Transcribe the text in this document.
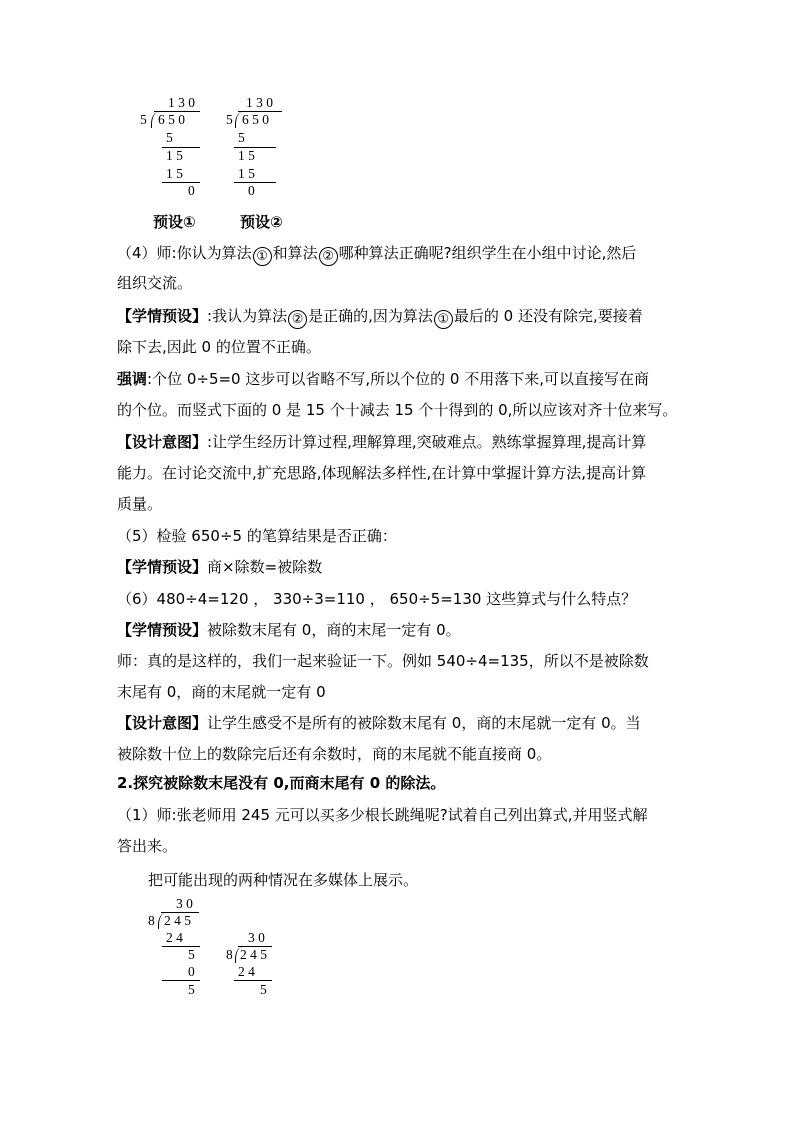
1 3 0
5 6 5 0
5
1 5
1 5
0
1 3 0
5 6 5 0
5
1 5
1 5
0
预设①	预设②
（4）师:你认为算法 ① 和算法 ② 哪种算法正确呢?组织学生在小组中讨论,然后
组织交流。
【学情预设】:我认为算法 ② 是正确的,因为算法 ① 最后的 0 还没有除完,要接着
除下去,因此 0 的位置不正确。
强调:个位 0÷5=0 这步可以省略不写,所以个位的 0 不用落下来,可以直接写在商
的个位。而竖式下面的 0 是 15 个十减去 15 个十得到的 0,所以应该对齐十位来写。
【设计意图】:让学生经历计算过程,理解算理,突破难点。熟练掌握算理,提高计算
能力。在讨论交流中,扩充思路,体现解法多样性,在计算中掌握计算方法,提高计算
质量。
（5）检验 650÷5 的笔算结果是否正确：
【学情预设】商×除数=被除数
（6）480÷4=120 ， 330÷3=110 ， 650÷5=130 这些算式与什么特点？
【学情预设】被除数末尾有 0，商的末尾一定有 0。
师：真的是这样的，我们一起来验证一下。例如 540÷4=135，所以不是被除数
末尾有 0，商的末尾就一定有 0
【设计意图】让学生感受不是所有的被除数末尾有 0，商的末尾就一定有 0。当
被除数十位上的数除完后还有余数时，商的末尾就不能直接商 0。
2.探究被除数末尾没有 0,而商末尾有 0 的除法。
（1）师:张老师用 245 元可以买多少根长跳绳呢?试着自己列出算式,并用竖式解
答出来。
把可能出现的两种情况在多媒体上展示。
3 0
8 2 4 5
2 4
5
0
5
3 0
8 2 4 5
2 4
5
